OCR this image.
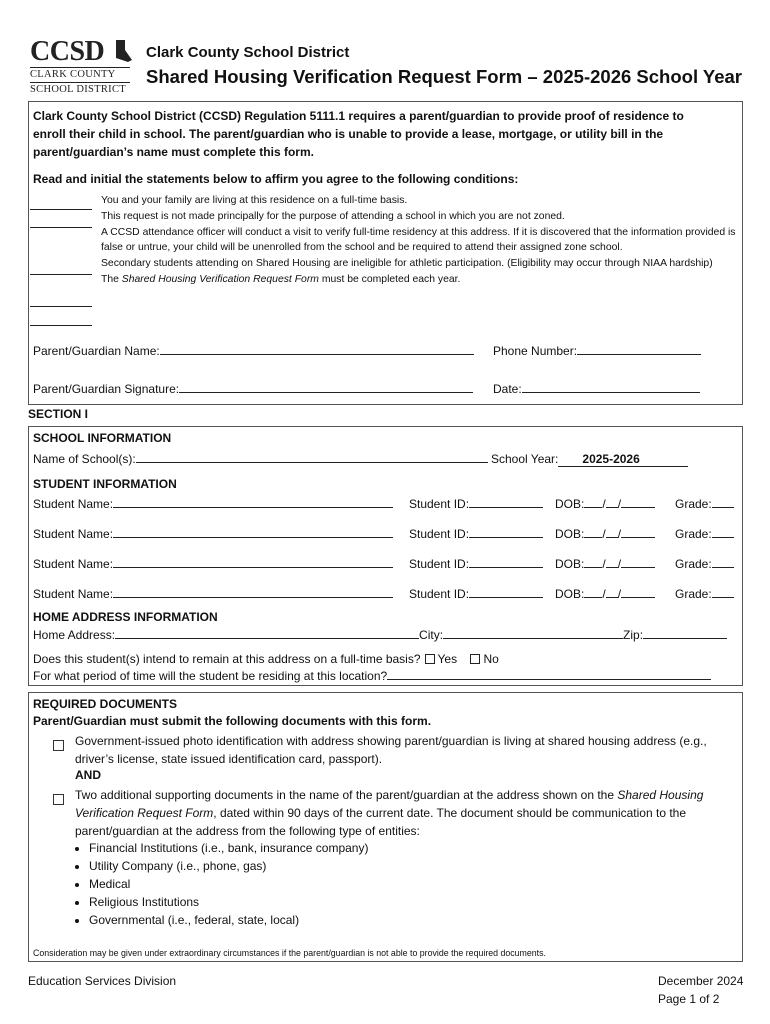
CCSD
CLARK COUNTY
SCHOOL DISTRICT
Clark County School District
Shared Housing Verification Request Form – 2025-2026 School Year
Clark County School District (CCSD) Regulation 5111.1 requires a parent/guardian to provide proof of residence to enroll their child in school. The parent/guardian who is unable to provide a lease, mortgage, or utility bill in the parent/guardian’s name must complete this form.
Read and initial the statements below to affirm you agree to the following conditions:
You and your family are living at this residence on a full-time basis.
This request is not made principally for the purpose of attending a school in which you are not zoned.
A CCSD attendance officer will conduct a visit to verify full-time residency at this address. If it is discovered that the information provided is false or untrue, your child will be unenrolled from the school and be required to attend their assigned zone school.
Secondary students attending on Shared Housing are ineligible for athletic participation. (Eligibility may occur through NIAA hardship)
The Shared Housing Verification Request Form must be completed each year.
Parent/Guardian Name:	Phone Number:
Parent/Guardian Signature:	Date:
SECTION I
SCHOOL INFORMATION
Name of School(s):	School Year: 2025-2026
STUDENT INFORMATION
Student Name:	Student ID:	DOB: / /	Grade:
Student Name:	Student ID:	DOB: / /	Grade:
Student Name:	Student ID:	DOB: / /	Grade:
Student Name:	Student ID:	DOB: / /	Grade:
HOME ADDRESS INFORMATION
Home Address:	City:	Zip:
Does this student(s) intend to remain at this address on a full-time basis? Yes No
For what period of time will the student be residing at this location?
REQUIRED DOCUMENTS
Parent/Guardian must submit the following documents with this form.
Government-issued photo identification with address showing parent/guardian is living at shared housing address (e.g., driver’s license, state issued identification card, passport).
AND
Two additional supporting documents in the name of the parent/guardian at the address shown on the Shared Housing Verification Request Form, dated within 90 days of the current date. The document should be communication to the parent/guardian at the address from the following type of entities:
• Financial Institutions (i.e., bank, insurance company)
• Utility Company (i.e., phone, gas)
• Medical
• Religious Institutions
• Governmental (i.e., federal, state, local)
Consideration may be given under extraordinary circumstances if the parent/guardian is not able to provide the required documents.
Education Services Division	December 2024
Page 1 of 2
